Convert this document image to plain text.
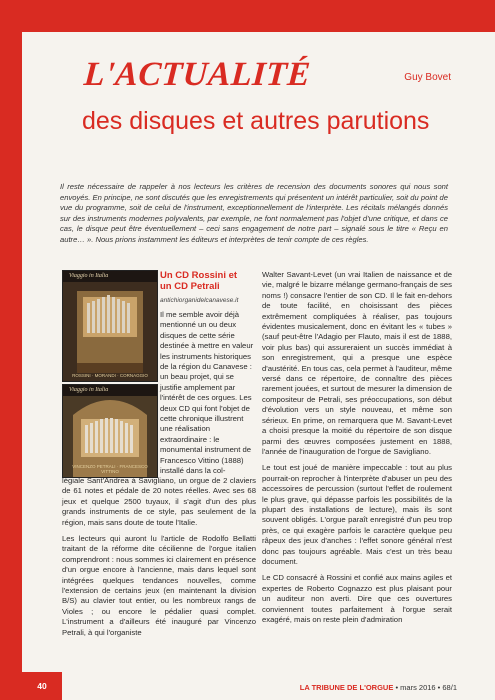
L'ACTUALITÉ	Guy Bovet
des disques et autres parutions
Il reste nécessaire de rappeler à nos lecteurs les critères de recension des documents sonores qui nous sont envoyés. En principe, ne sont discutés que les enregistrements qui présentent un intérêt particulier, soit du point de vue du programme, soit de celui de l'instrument, exceptionnellement de l'interprète. Les récitals mélangés donnés sur des instruments modernes polyvalents, par exemple, ne font normalement pas l'objet d'une critique, et dans ce cas, le disque peut être éventuellement – ceci sans engagement de notre part – signalé sous le titre « Reçu en autre… ». Nous prions instamment les éditeurs et interprètes de tenir compte de ces règles.
Viaggio in Italia
ROSSINI · MORANDI · CORNAGGIO
Viaggio in Italia
VINCENZO PETRALI · FRANCESCO VITTINO
Un CD Rossini et un CD Petrali
antichiorganidelcanavese.it
Il me semble avoir déjà mentionné un ou deux disques de cette série destinée à mettre en valeur les instruments historiques de la région du Canavese : un beau projet, qui se justifie amplement par l'intérêt de ces orgues. Les deux CD qui font l'objet de cette chronique illustrent une réalisation extraordinaire : le monumental instrument de Francesco Vittino (1888) installé dans la col-

légiale Sant'Andrea à Savigliano, un orgue de 2 claviers de 61 notes et pédale de 20 notes réelles. Avec ses 68 jeux et quelque 2500 tuyaux, il s'agit d'un des plus grands instruments de ce style, pas seulement de la région, mais sans doute de toute l'Italie.

Les lecteurs qui auront lu l'article de Rodolfo Bellatti traitant de la réforme dite cécilienne de l'orgue italien comprendront : nous sommes ici clairement en présence d'un orgue encore à l'ancienne, mais dans lequel sont intégrées quelques tendances nouvelles, comme l'extension de certains jeux (en maintenant la division B/S) au clavier tout entier, ou les nombreux rangs de Violes ; ou encore le pédalier quasi complet. L'instrument a d'ailleurs été inauguré par Vincenzo Petrali, à qui l'organiste

Walter Savant-Levet (un vrai Italien de naissance et de vie, malgré le bizarre mélange germano-français de ses noms !) consacre l'entier de son CD. Il le fait en-dehors de toute facilité, en choisissant des pièces extrêmement compliquées à réaliser, pas toujours évidentes musicalement, donc en évitant les « tubes » (sauf peut-être l'Adagio per Flauto, mais il est de 1888, voir plus bas) qui assureraient un succès immédiat à son enregistrement, qui a presque une espèce d'austérité. En tous cas, cela permet à l'auditeur, même versé dans ce répertoire, de connaître des pièces rarement jouées, et surtout de mesurer la dimension de compositeur de Petrali, ses préoccupations, son début d'évolution vers un style nouveau, et même son sérieux. En prime, on remarquera que M. Savant-Levet a choisi presque la moitié du répertoire de son disque parmi des œuvres composées justement en 1888, l'année de l'inauguration de l'orgue de Savigliano.

Le tout est joué de manière impeccable : tout au plus pourrait-on reprocher à l'interprète d'abuser un peu des accessoires de percussion (surtout l'effet de roulement le plus grave, qui dépasse parfois les possibilités de la plupart des installations de lecture), mais ils sont souvent obligés. L'orgue paraît enregistré d'un peu trop près, ce qui exagère parfois le caractère quelque peu râpeux des jeux d'anches : l'effet sonore général n'est donc pas toujours agréable. Mais c'est un très beau document.

Le CD consacré à Rossini et confié aux mains agiles et expertes de Roberto Cognazzo est plus plaisant pour un auditeur non averti. Dire que ces ouvertures conviennent toutes parfaitement à l'orgue serait exagéré, mais on reste plein d'admiration

40	LA TRIBUNE DE L'ORGUE • mars 2016 • 68/1
